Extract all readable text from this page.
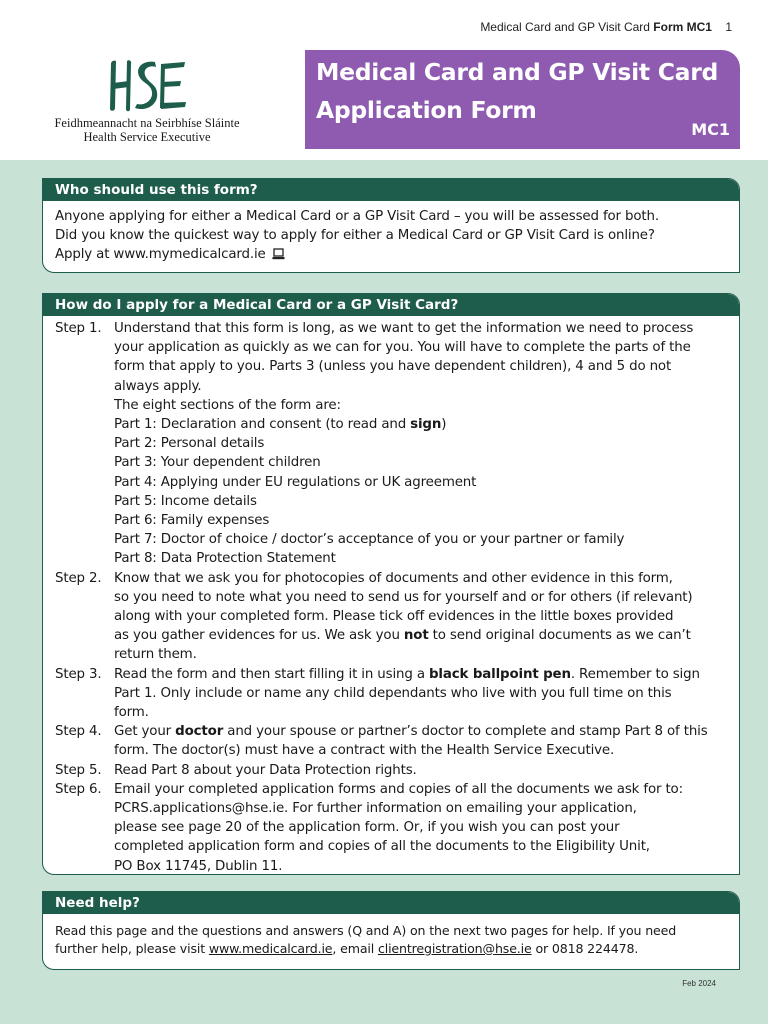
Medical Card and GP Visit Card Form MC1 1
Feidhmeannacht na Seirbhíse Sláinte
Health Service Executive
Medical Card and GP Visit Card
Application Form
MC1
Who should use this form?

Anyone applying for either a Medical Card or a GP Visit Card – you will be assessed for both.

Did you know the quickest way to apply for either a Medical Card or GP Visit Card is online?

Apply at www.mymedicalcard.ie

How do I apply for a Medical Card or a GP Visit Card?
Step 1. Understand that this form is long, as we want to get the information we need to process
your application as quickly as we can for you. You will have to complete the parts of the
form that apply to you. Parts 3 (unless you have dependent children), 4 and 5 do not
always apply.
The eight sections of the form are:
Part 1: Declaration and consent (to read and sign)
Part 2: Personal details
Part 3: Your dependent children
Part 4: Applying under EU regulations or UK agreement
Part 5: Income details
Part 6: Family expenses
Part 7: Doctor of choice / doctor’s acceptance of you or your partner or family
Part 8: Data Protection Statement
Step 2. Know that we ask you for photocopies of documents and other evidence in this form,
so you need to note what you need to send us for yourself and or for others (if relevant)
along with your completed form. Please tick off evidences in the little boxes provided
as you gather evidences for us. We ask you not to send original documents as we can’t
return them.
Step 3. Read the form and then start filling it in using a black ballpoint pen. Remember to sign
Part 1. Only include or name any child dependants who live with you full time on this
form.
Step 4. Get your doctor and your spouse or partner’s doctor to complete and stamp Part 8 of this
form. The doctor(s) must have a contract with the Health Service Executive.
Step 5. Read Part 8 about your Data Protection rights.
Step 6. Email your completed application forms and copies of all the documents we ask for to:
PCRS.applications@hse.ie. For further information on emailing your application,
please see page 20 of the application form. Or, if you wish you can post your
completed application form and copies of all the documents to the Eligibility Unit,
PO Box 11745, Dublin 11.
Need help?

Read this page and the questions and answers (Q and A) on the next two pages for help. If you need

further help, please visit www.medicalcard.ie, email clientregistration@hse.ie or 0818 224478.

Feb 2024
